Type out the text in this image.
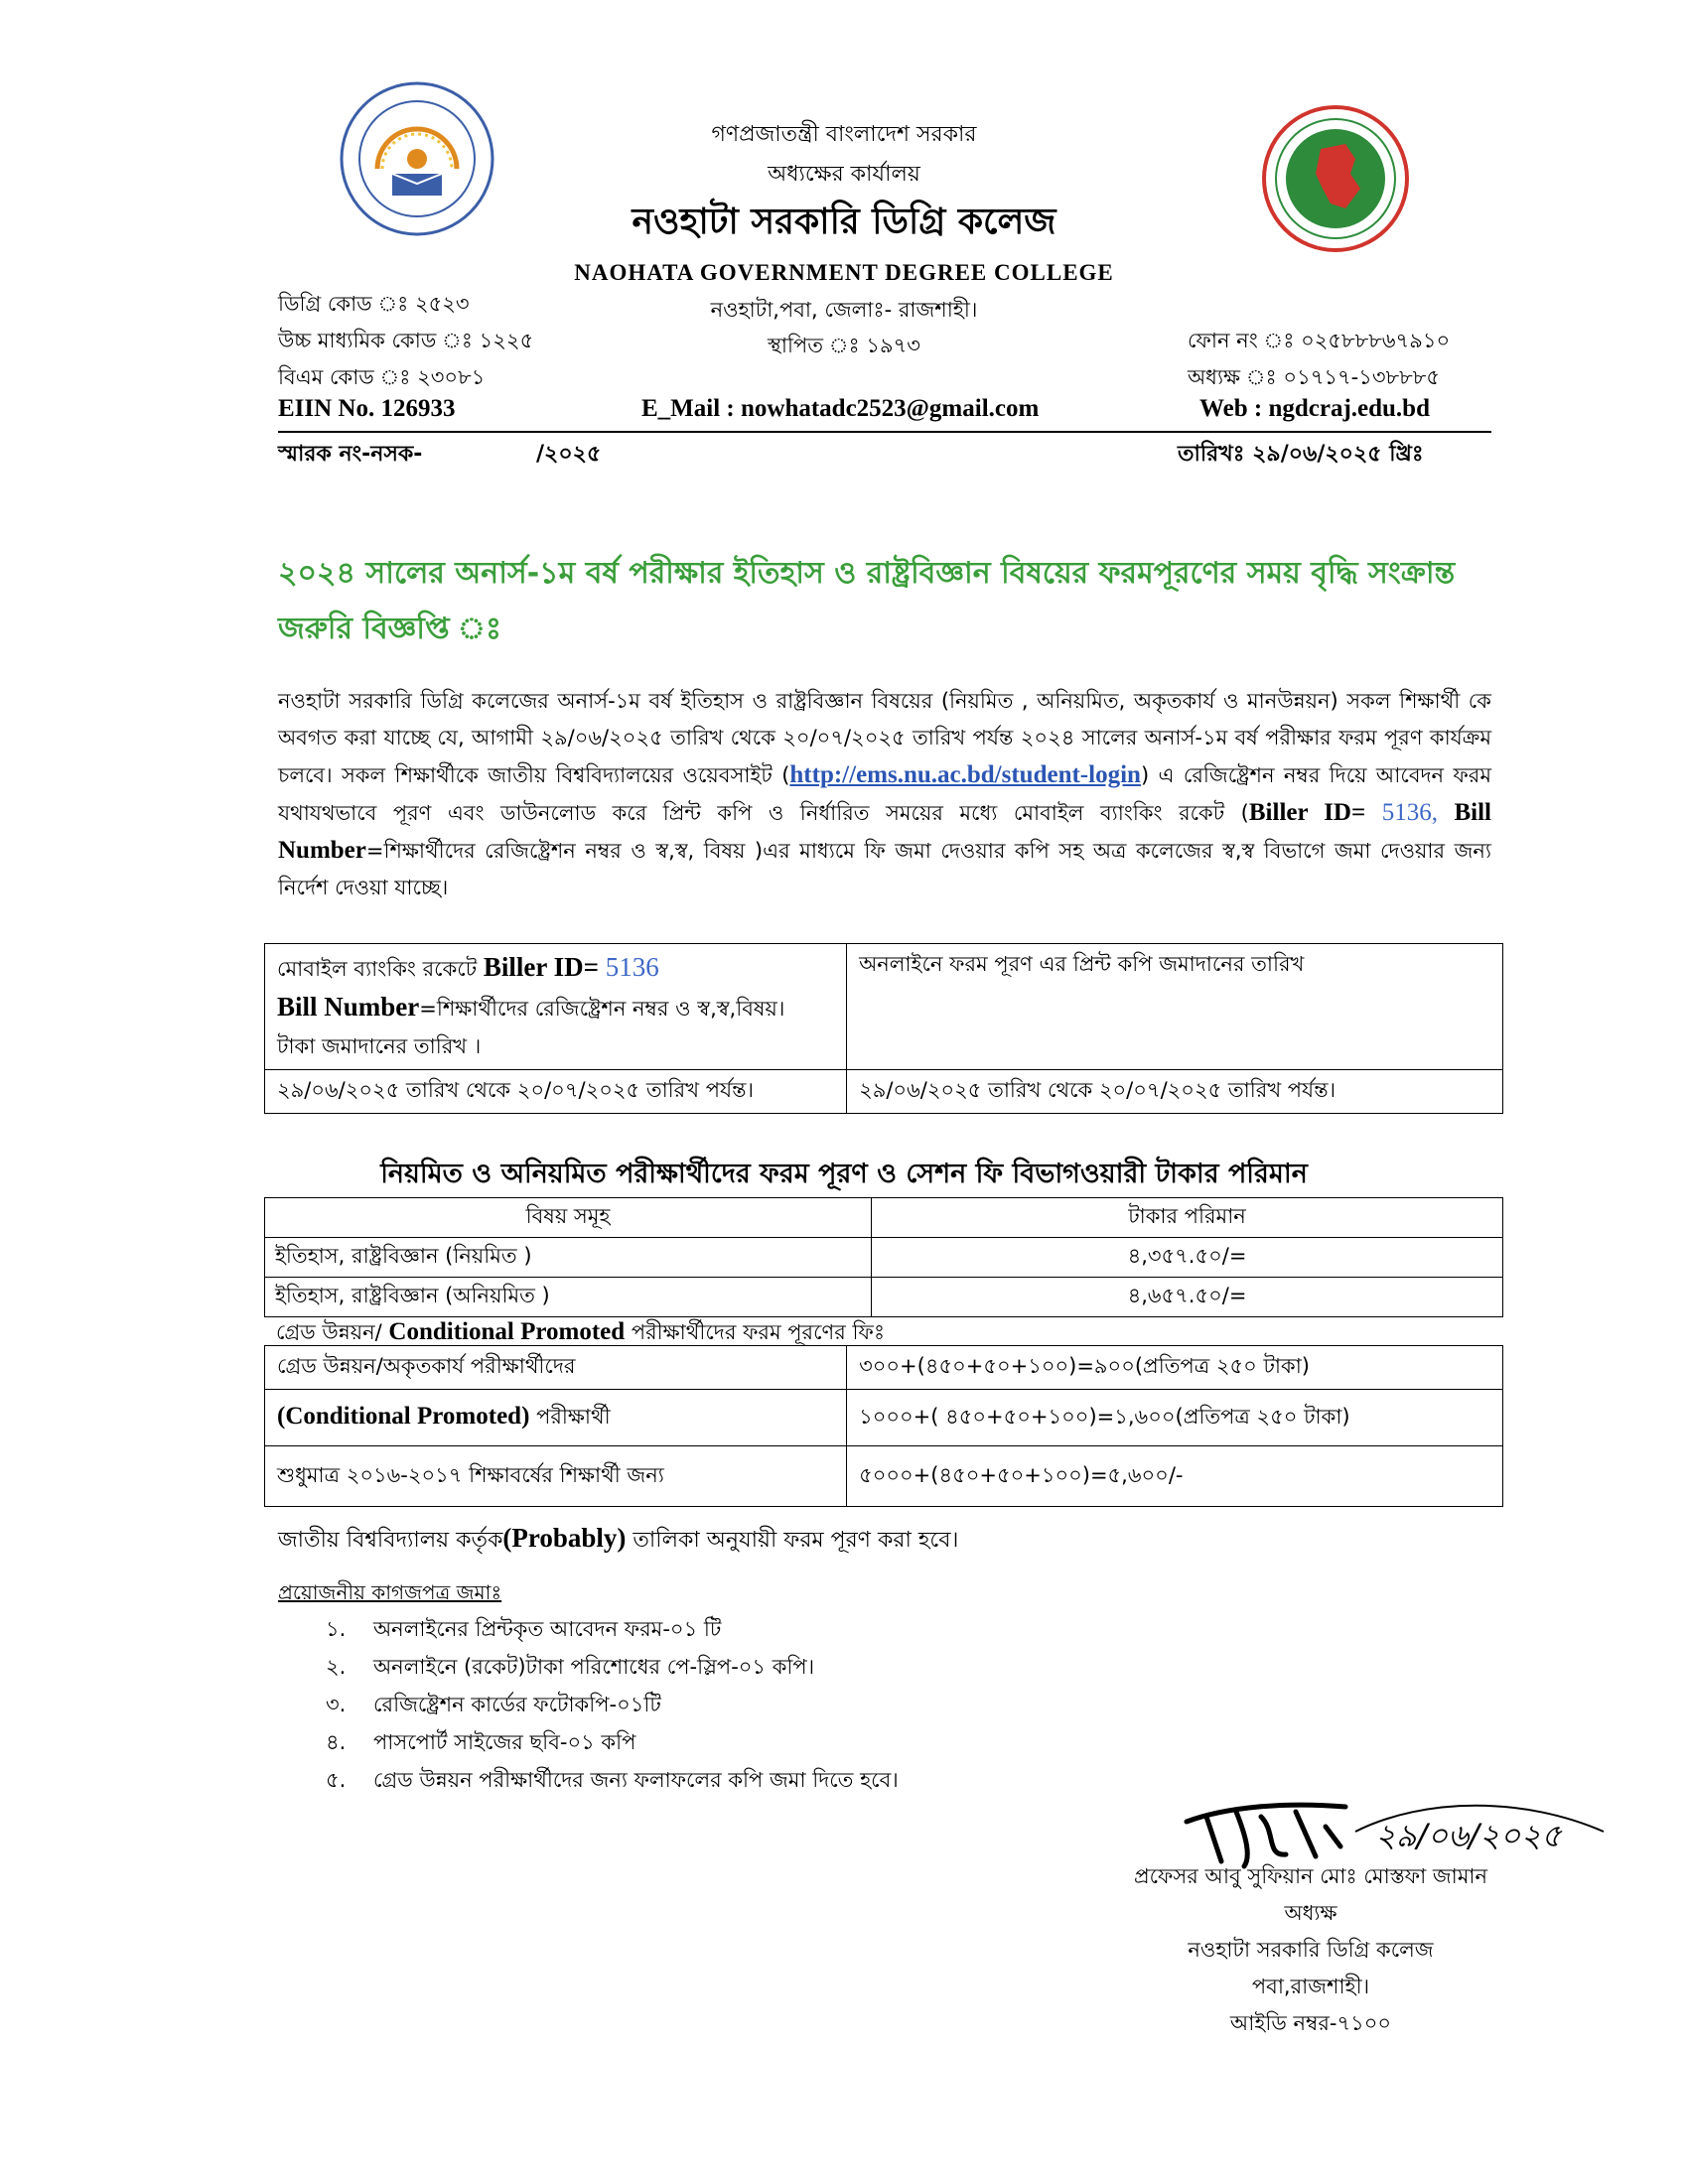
গণপ্রজাতন্ত্রী বাংলাদেশ সরকার
অধ্যক্ষের কার্যালয়
নওহাটা সরকারি ডিগ্রি কলেজ
NAOHATA GOVERNMENT DEGREE COLLEGE
নওহাটা,পবা, জেলাঃ- রাজশাহী।
স্থাপিত ঃ ১৯৭৩
ডিগ্রি কোড ঃ ২৫২৩
উচ্চ মাধ্যমিক কোড ঃ ১২২৫
বিএম কোড ঃ ২৩০৮১
ফোন নং ঃ ০২৫৮৮৮৬৭৯১০
অধ্যক্ষ ঃ ০১৭১৭-১৩৮৮৮৫
EIIN No. 126933	E_Mail : nowhatadc2523@gmail.com	Web : ngdcraj.edu.bd
স্মারক নং-নসক-	/২০২৫	তারিখঃ ২৯/০৬/২০২৫ খ্রিঃ
২০২৪ সালের অনার্স-১ম বর্ষ পরীক্ষার ইতিহাস ও রাষ্ট্রবিজ্ঞান বিষয়ের ফরমপূরণের সময় বৃদ্ধি সংক্রান্ত জরুরি বিজ্ঞপ্তি ঃ
নওহাটা সরকারি ডিগ্রি কলেজের অনার্স-১ম বর্ষ ইতিহাস ও রাষ্ট্রবিজ্ঞান বিষয়ের (নিয়মিত , অনিয়মিত, অকৃতকার্য ও মানউন্নয়ন) সকল শিক্ষার্থী কে অবগত করা যাচ্ছে যে, আগামী ২৯/০৬/২০২৫ তারিখ থেকে ২০/০৭/২০২৫ তারিখ পর্যন্ত ২০২৪ সালের অনার্স-১ম বর্ষ পরীক্ষার ফরম পূরণ কার্যক্রম চলবে। সকল শিক্ষার্থীকে জাতীয় বিশ্ববিদ্যালয়ের ওয়েবসাইট (http://ems.nu.ac.bd/student-login) এ রেজিষ্ট্রেশন নম্বর দিয়ে আবেদন ফরম যথাযথভাবে পূরণ এবং ডাউনলোড করে প্রিন্ট কপি ও নির্ধারিত সময়ের মধ্যে মোবাইল ব্যাংকিং রকেট (Biller ID= 5136, Bill Number=শিক্ষার্থীদের রেজিষ্ট্রেশন নম্বর ও স্ব,স্ব, বিষয় )এর মাধ্যমে ফি জমা দেওয়ার কপি সহ অত্র কলেজের স্ব,স্ব বিভাগে জমা দেওয়ার জন্য নির্দেশ দেওয়া যাচ্ছে।
মোবাইল ব্যাংকিং রকেটে Biller ID= 5136
Bill Number=শিক্ষার্থীদের রেজিষ্ট্রেশন নম্বর ও স্ব,স্ব,বিষয়।
টাকা জমাদানের তারিখ ।	অনলাইনে ফরম পূরণ এর প্রিন্ট কপি জমাদানের তারিখ
২৯/০৬/২০২৫ তারিখ থেকে ২০/০৭/২০২৫ তারিখ পর্যন্ত।	২৯/০৬/২০২৫ তারিখ থেকে ২০/০৭/২০২৫ তারিখ পর্যন্ত।
নিয়মিত ও অনিয়মিত পরীক্ষার্থীদের ফরম পূরণ ও সেশন ফি বিভাগওয়ারী টাকার পরিমান
বিষয় সমূহ	টাকার পরিমান
ইতিহাস, রাষ্ট্রবিজ্ঞান (নিয়মিত )	৪,৩৫৭.৫০/=
ইতিহাস, রাষ্ট্রবিজ্ঞান (অনিয়মিত )	৪,৬৫৭.৫০/=
গ্রেড উন্নয়ন/ Conditional Promoted পরীক্ষার্থীদের ফরম পূরণের ফিঃ
গ্রেড উন্নয়ন/অকৃতকার্য পরীক্ষার্থীদের	৩০০+(৪৫০+৫০+১০০)=৯০০(প্রতিপত্র ২৫০ টাকা)
(Conditional Promoted) পরীক্ষার্থী	১০০০+( ৪৫০+৫০+১০০)=১,৬০০(প্রতিপত্র ২৫০ টাকা)
শুধুমাত্র ২০১৬-২০১৭ শিক্ষাবর্ষের শিক্ষার্থী জন্য	৫০০০+(৪৫০+৫০+১০০)=৫,৬০০/-
জাতীয় বিশ্ববিদ্যালয় কর্তৃক(Probably) তালিকা অনুযায়ী ফরম পূরণ করা হবে।
প্রয়োজনীয় কাগজপত্র জমাঃ
১. অনলাইনের প্রিন্টকৃত আবেদন ফরম-০১ টি
২. অনলাইনে (রকেট)টাকা পরিশোধের পে-স্লিপ-০১ কপি।
৩. রেজিষ্ট্রেশন কার্ডের ফটোকপি-০১টি
৪. পাসপোর্ট সাইজের ছবি-০১ কপি
৫. গ্রেড উন্নয়ন পরীক্ষার্থীদের জন্য ফলাফলের কপি জমা দিতে হবে।
২৯/০৬/২০২৫
প্রফেসর আবু সুফিয়ান মোঃ মোস্তফা জামান
অধ্যক্ষ
নওহাটা সরকারি ডিগ্রি কলেজ
পবা,রাজশাহী।
আইডি নম্বর-৭১০০
